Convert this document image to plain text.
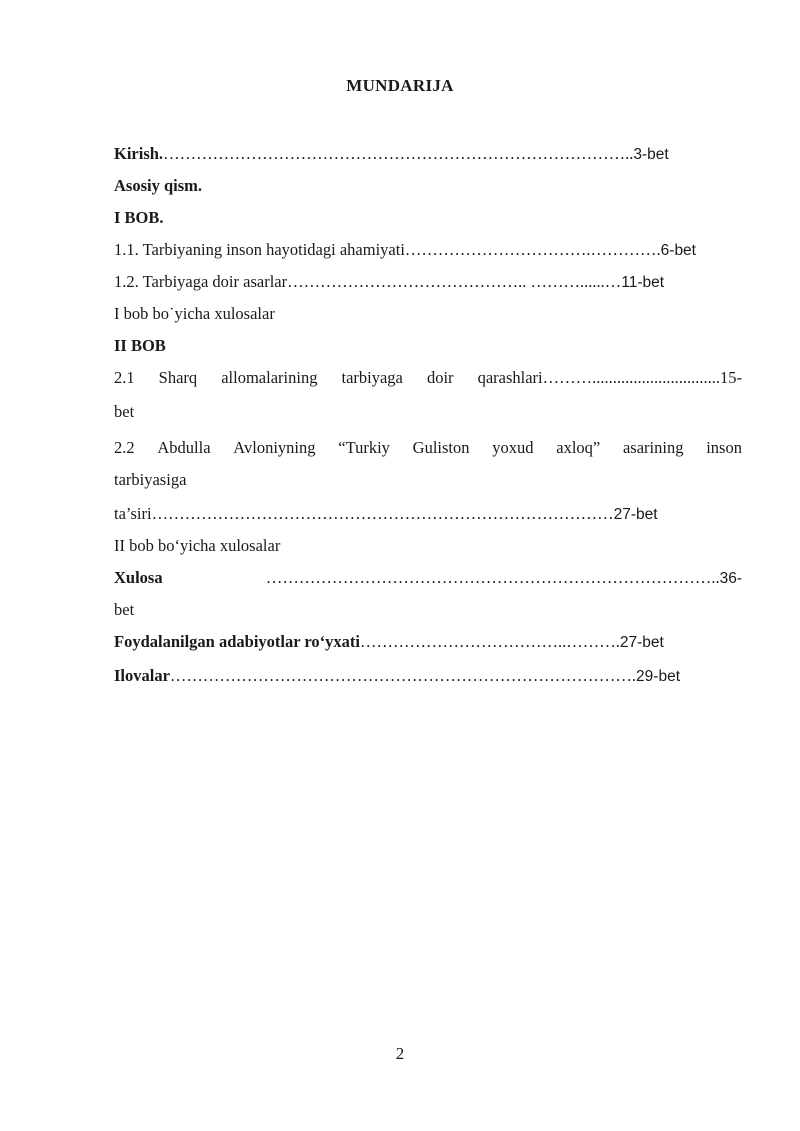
MUNDARIJA
Kirish.…………………………………………………………………………..3-bet
Asosiy qism.
I BOB.
1.1. Tarbiyaning inson hayotidagi ahamiyati…………………………….………….6-bet
1.2. Tarbiyaga doir asarlar…………………………………….. ………......…11-bet
I bob bo˙yicha xulosalar
II BOB
2.1 Sharq allomalarining tarbiyaga doir qarashlari………...............................15-
bet
2.2 Abdulla Avloniyning “Turkiy Guliston yoxud axloq” asarining inson
tarbiyasiga
ta’siri…………………………………………………………………………27-bet
II bob bo‘yicha xulosalar
Xulosa	………………………………………………………………………..36-
bet
Foydalanilgan adabiyotlar ro‘yxati………………………………..……….27-bet
Ilovalar………………………………………………………………………….29-bet
2
